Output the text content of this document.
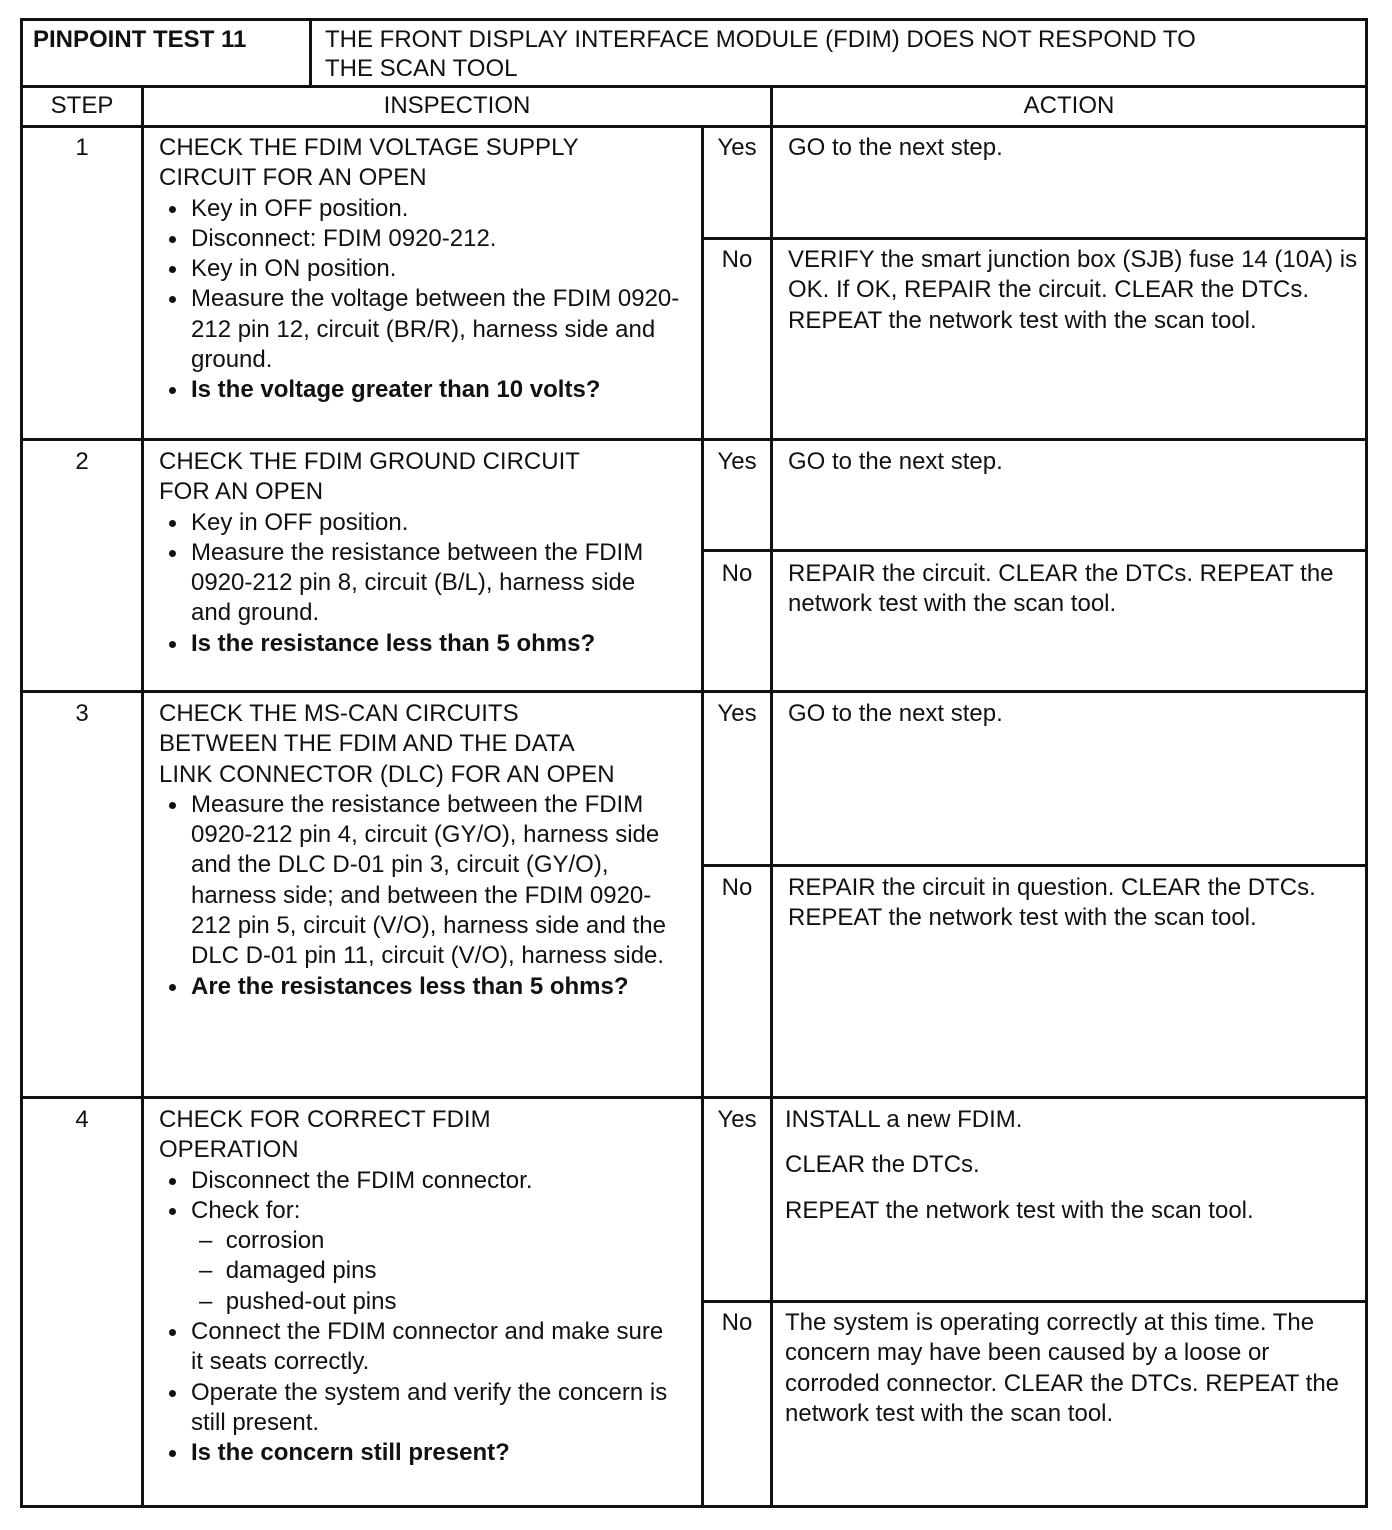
PINPOINT TEST 11	THE FRONT DISPLAY INTERFACE MODULE (FDIM) DOES NOT RESPOND TO
THE SCAN TOOL
STEP	INSPECTION	ACTION
1	CHECK THE FDIM VOLTAGE SUPPLY
CIRCUIT FOR AN OPEN
Key in OFF position.
Disconnect: FDIM 0920-212.
Key in ON position.
Measure the voltage between the FDIM 0920-212 pin 12, circuit (BR/R), harness side and ground.
Is the voltage greater than 10 volts?
Yes	GO to the next step.
No	VERIFY the smart junction box (SJB) fuse 14 (10A) is OK. If OK, REPAIR the circuit. CLEAR the DTCs. REPEAT the network test with the scan tool.
2	CHECK THE FDIM GROUND CIRCUIT
FOR AN OPEN
Key in OFF position.
Measure the resistance between the FDIM 0920-212 pin 8, circuit (B/L), harness side and ground.
Is the resistance less than 5 ohms?
Yes	GO to the next step.
No	REPAIR the circuit. CLEAR the DTCs. REPEAT the network test with the scan tool.
3	CHECK THE MS-CAN CIRCUITS
BETWEEN THE FDIM AND THE DATA
LINK CONNECTOR (DLC) FOR AN OPEN
Measure the resistance between the FDIM 0920-212 pin 4, circuit (GY/O), harness side and the DLC D-01 pin 3, circuit (GY/O), harness side; and between the FDIM 0920-212 pin 5, circuit (V/O), harness side and the DLC D-01 pin 11, circuit (V/O), harness side.
Are the resistances less than 5 ohms?
Yes	GO to the next step.
No	REPAIR the circuit in question. CLEAR the DTCs. REPEAT the network test with the scan tool.
4	CHECK FOR CORRECT FDIM
OPERATION
Disconnect the FDIM connector.
Check for:
–  corrosion
–  damaged pins
–  pushed-out pins
Connect the FDIM connector and make sure it seats correctly.
Operate the system and verify the concern is still present.
Is the concern still present?
Yes	INSTALL a new FDIM.

CLEAR the DTCs.

REPEAT the network test with the scan tool.

No	The system is operating correctly at this time. The concern may have been caused by a loose or corroded connector. CLEAR the DTCs. REPEAT the network test with the scan tool.
